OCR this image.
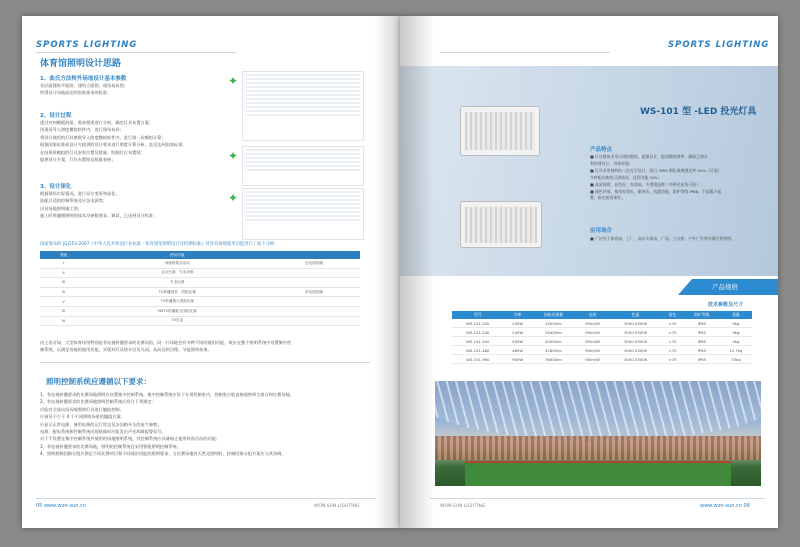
SPORTS LIGHTING
体育馆照明设计思路
1、曲氏方法转外场地设计基本参数
各层面建筑平面图、建筑立面图、现场布局图；
所得设计场地或达到国家要求的标准；
2、设计过程
透过对初模板的面，需求照准进行分析，确定灯具布置方案；
用现场导入照度模拟软件内，进行现场布局；
将设计使用的灯具参数导入照度模拟软件内，进行第一次模拟计算；
根据国家标准或设计方提供的设计要求进行照度计算分析，直至达到国家标准；
在结果所模拟的灯具安装位置及数量，绘制灯位布置图；
提供设计方案，灯位布置图及数量表格；
3、设计深化
根据现场实际情况，进行设计变更和深化；
选配合适的控制系统及应急电源等；
出具场地照明施工图；
施工时所遵循照明的技术员参数要求、调试，已达到设计标准；
✦
✦
✦
国家颁布的 JGJ153-2007《中华人民共和国行业标准－体育场馆照明设计及检测标准》对体育场地使用功能进行了如下分级：
等级	使用功能	
I	训练和娱乐活动	无电视转播
II	业余比赛、专业训练	
III	专业比赛	
IV	TV转播国家、国际比赛	有电视转播
V	TV转播重大国际比赛	
VI	HDTV转播重大国际比赛	
VI	TV应急	
由上表可知，大型体育场馆特别是有电视转播要求的比赛场馆，同一片场地会有多种不同的使用功能，故应在整个照明系统中设置集中控
制系统，以满足场地的使用功能，实现对灯具的开启及关闭，从而达到合理、节能照明效果。
照明控制系统应遵循以下要求：
1、有电视转播要求的比赛场地照明应设置集中控制系统。集中控制系统应设于专用控制室内，控制室应能直接观察到主席台和比赛场地。
2、有电视转播要求的比赛场地照明控制系统应符合下列规定：
应能对全部出场场地照明灯具进行编组控制；
应预设不少于 4 个不同照明场景的编组方案；
应显示正常电源、备用电源的运行状态及各回路开关的电气参数；
电源、配电系统和控制系统出现故障时应能发出声光故障报警信号；
对于不设置在集中控制系统外使用的场地照明系统，其控制系统应具备防止他用时再启动的功能；
3、有电视转播要求的比赛场地，照明的控制系统宜采用智能照明控制系统。
4、照明控制回路分组应满足不同比赛项目和不同使用功能的照明要求；当比赛场地有天然光照明时，控制回路分组方案应与其协调。
05 www.won-sun.cn	WON·SUN LIGHTING
SPORTS LIGHTING
WS-101 型 -LED 投光灯具
产品特点
■ 灯具整体采用压铸铝散热，超薄设计，提高散热效率，确保之间专
利的建设计，寿命更强；
■ 灯具采用独特的二次光学设计，面白 3MM 钢化玻璃透光率 92%（可选）
多种配光曲线可供选择，达到节能 20%；
■ 高清照明，显色好，寿命高，多透镜品种（多种光束角可选）；
■ 绿色环保，使用寿命长，耐冲击，抗震功能，防护等级 IP66，不起雾不起
雾，眩光低效果好。
应用场合
■ 广泛用于体育场、工厂、高尔夫球场、广场、立交桥、户外广告等外墙全景照明。
产品规格
技术参数及尺寸
型号	功率	初始光通量	光效	色温	显色	防护等级	重量
WS-101-200	200W	24000lm	95lm/W	3000-5500K	>70	IP65	9kg
WS-101-240	240W	26400lm	95lm/W	3000-5500K	>70	IP65	9kg
WS-101-400	400W	40000lm	95lm/W	3000-5500K	>70	IP65	9kg
WS-101-480	480W	52800lm	95lm/W	3000-5500K	>70	IP65	12.7kg
WS-101-960	960W	76000lm	95lm/W	3000-5500K	>70	IP65	33kg
WON·SUN LIGHTING	www.won-sun.cn 06
